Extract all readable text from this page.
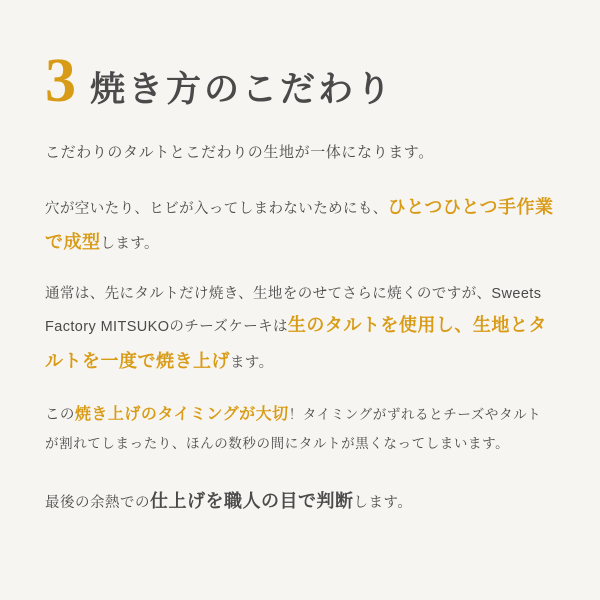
3 焼き方のこだわり

こだわりのタルトとこだわりの生地が一体になります。

穴が空いたり、ヒビが入ってしまわないためにも、ひとつひとつ手作業で成型します。

通常は、先にタルトだけ焼き、生地をのせてさらに焼くのですが、Sweets Factory MITSUKOのチーズケーキは生のタルトを使用し、生地とタルトを一度で焼き上げます。

この焼き上げのタイミングが大切！タイミングがずれるとチーズやタルトが割れてしまったり、ほんの数秒の間にタルトが黒くなってしまいます。

最後の余熱での仕上げを職人の目で判断します。
